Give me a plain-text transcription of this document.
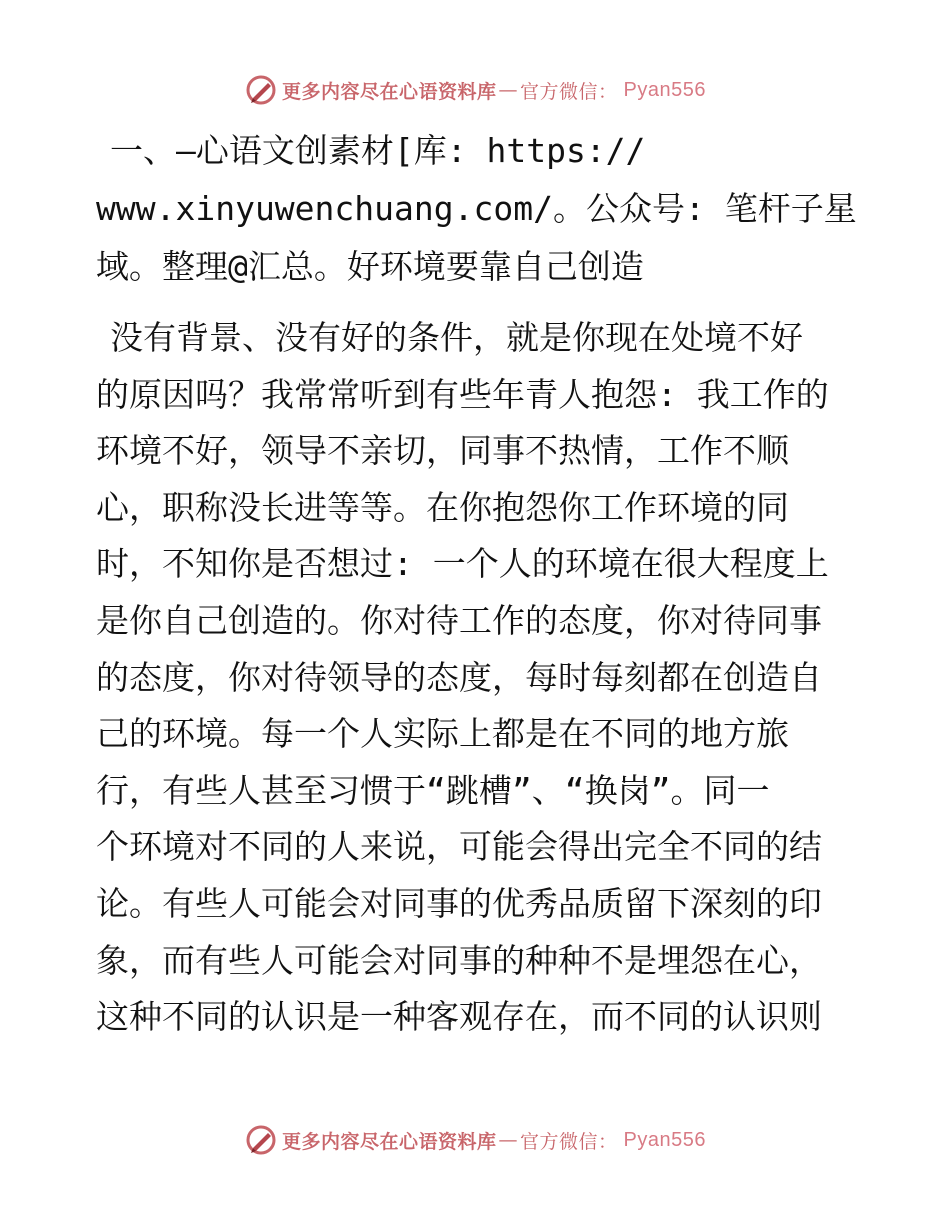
更多内容尽在心语资料库 — 官方微信： Pyan556
一、—心语文创素材[库: https://
www.xinyuwenchuang.com/。公众号: 笔杆子星
域。整理@汇总。好环境要靠自己创造

没有背景、没有好的条件，就是你现在处境不好
的原因吗？我常常听到有些年青人抱怨: 我工作的
环境不好，领导不亲切，同事不热情，工作不顺
心，职称没长进等等。在你抱怨你工作环境的同
时，不知你是否想过: 一个人的环境在很大程度上
是你自己创造的。你对待工作的态度，你对待同事
的态度，你对待领导的态度，每时每刻都在创造自
己的环境。每一个人实际上都是在不同的地方旅
行，有些人甚至习惯于“跳槽”、“换岗”。同一
个环境对不同的人来说，可能会得出完全不同的结
论。有些人可能会对同事的优秀品质留下深刻的印
象，而有些人可能会对同事的种种不是埋怨在心，
这种不同的认识是一种客观存在，而不同的认识则

更多内容尽在心语资料库 — 官方微信： Pyan556
